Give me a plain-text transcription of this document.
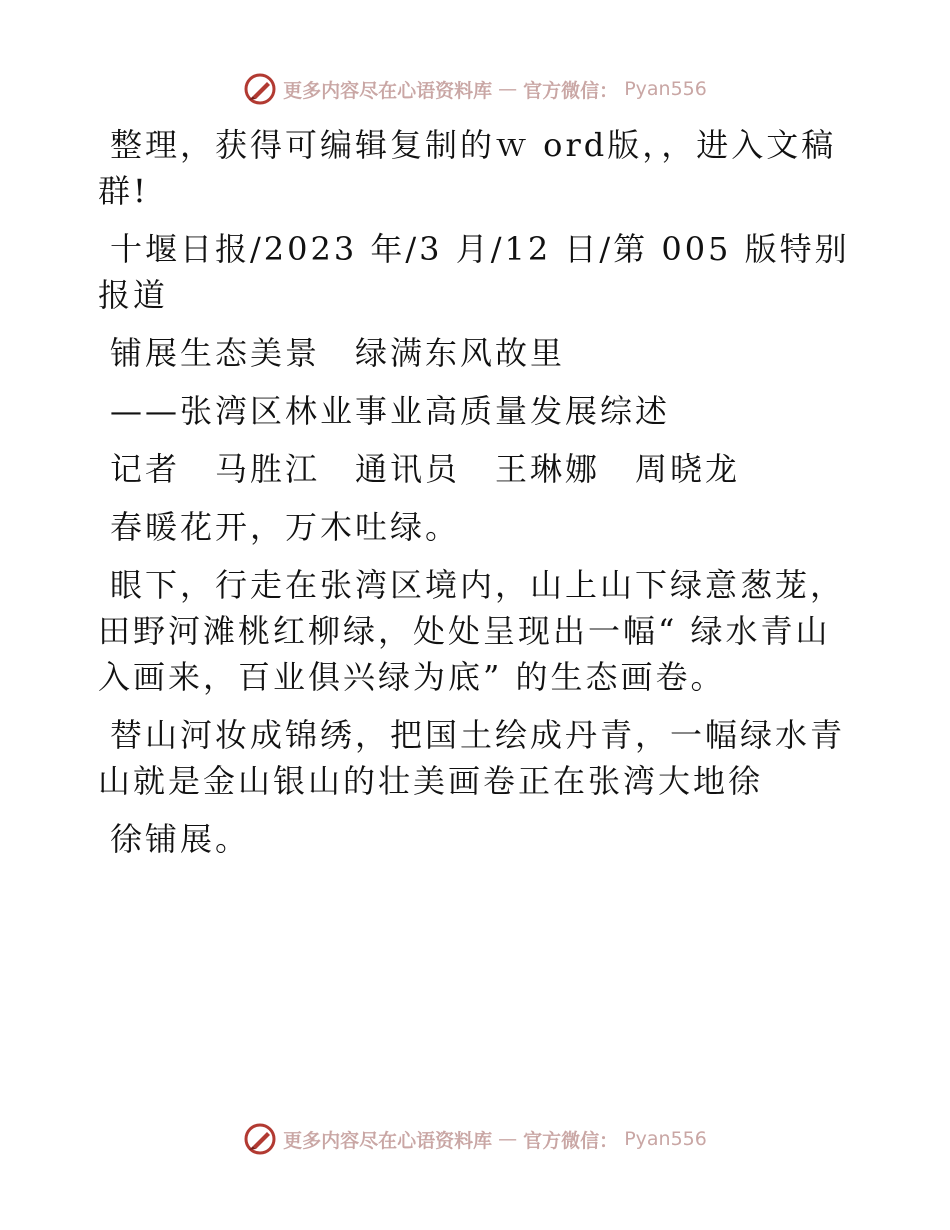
更多内容尽在心语资料库 — 官方微信： Pyan556

整理，获得可编辑复制的ｗ ord版，，进入文稿群!

十堰日报/2023 年/3 月/12 日/第 005 版特别报道

铺展生态美景　绿满东风故里

——张湾区林业事业高质量发展综述

记者　马胜江　通讯员　王琳娜　周晓龙

春暖花开，万木吐绿。

眼下，行走在张湾区境内，山上山下绿意葱茏，田野河滩桃红柳绿，处处呈现出一幅“ 绿水青山入画来，百业俱兴绿为底” 的生态画卷。

替山河妆成锦绣，把国土绘成丹青，一幅绿水青山就是金山银山的壮美画卷正在张湾大地徐

徐铺展。

更多内容尽在心语资料库 — 官方微信： Pyan556
